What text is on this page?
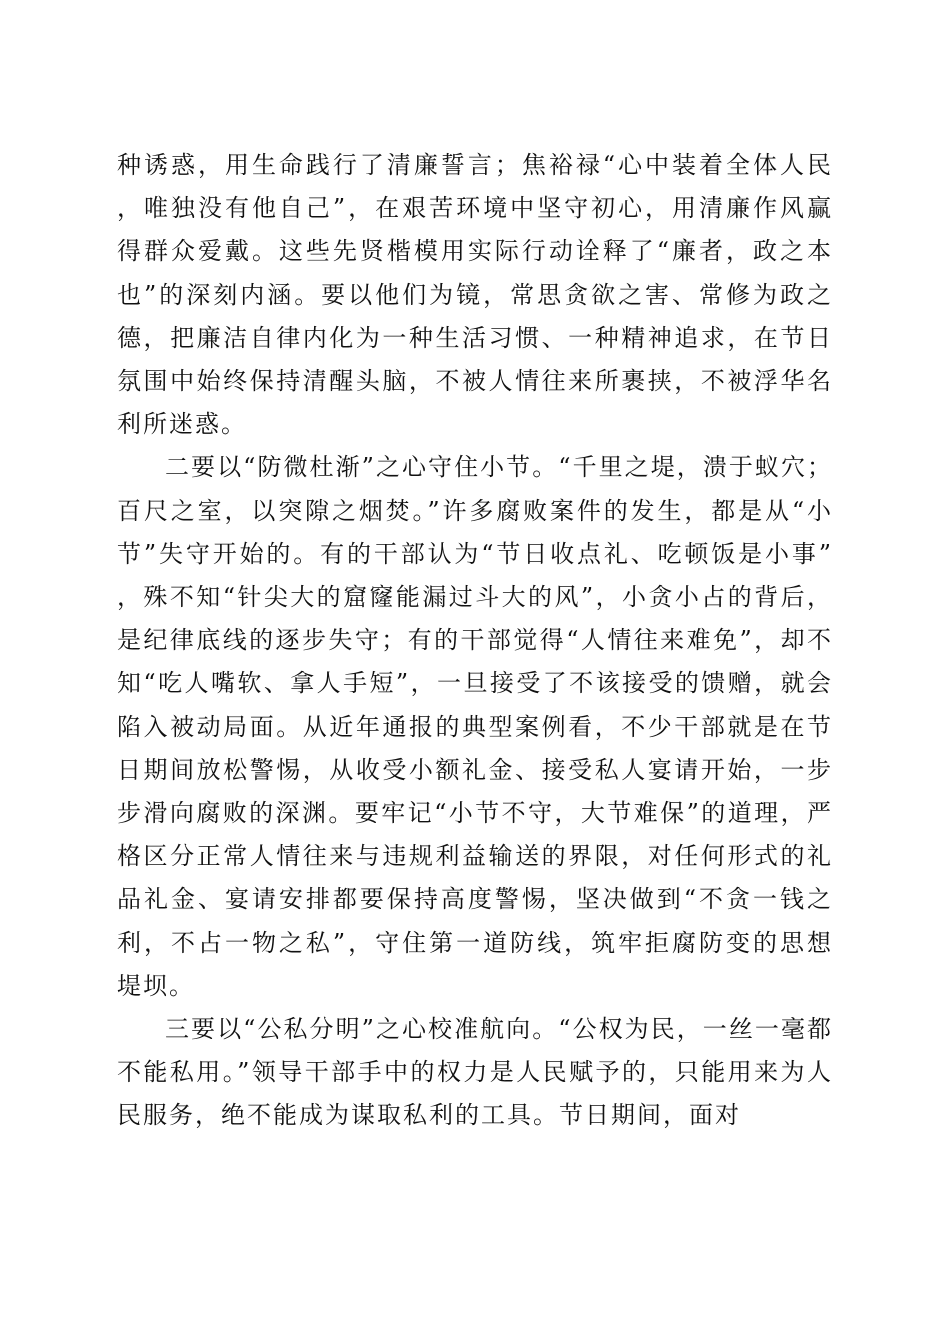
种诱惑，用生命践行了清廉誓言；焦裕禄“心中装着全体人民，唯独没有他自己”，在艰苦环境中坚守初心，用清廉作风赢得群众爱戴。这些先贤楷模用实际行动诠释了“廉者，政之本也”的深刻内涵。要以他们为镜，常思贪欲之害、常修为政之德，把廉洁自律内化为一种生活习惯、一种精神追求，在节日氛围中始终保持清醒头脑，不被人情往来所裹挟，不被浮华名利所迷惑。

二要以“防微杜渐”之心守住小节。“千里之堤，溃于蚁穴；百尺之室，以突隙之烟焚。”许多腐败案件的发生，都是从“小节”失守开始的。有的干部认为“节日收点礼、吃顿饭是小事”，殊不知“针尖大的窟窿能漏过斗大的风”，小贪小占的背后，是纪律底线的逐步失守；有的干部觉得“人情往来难免”，却不知“吃人嘴软、拿人手短”，一旦接受了不该接受的馈赠，就会陷入被动局面。从近年通报的典型案例看，不少干部就是在节日期间放松警惕，从收受小额礼金、接受私人宴请开始，一步步滑向腐败的深渊。要牢记“小节不守，大节难保”的道理，严格区分正常人情往来与违规利益输送的界限，对任何形式的礼品礼金、宴请安排都要保持高度警惕，坚决做到“不贪一钱之利，不占一物之私”，守住第一道防线，筑牢拒腐防变的思想堤坝。

三要以“公私分明”之心校准航向。“公权为民，一丝一毫都不能私用。”领导干部手中的权力是人民赋予的，只能用来为人民服务，绝不能成为谋取私利的工具。节日期间，面对
